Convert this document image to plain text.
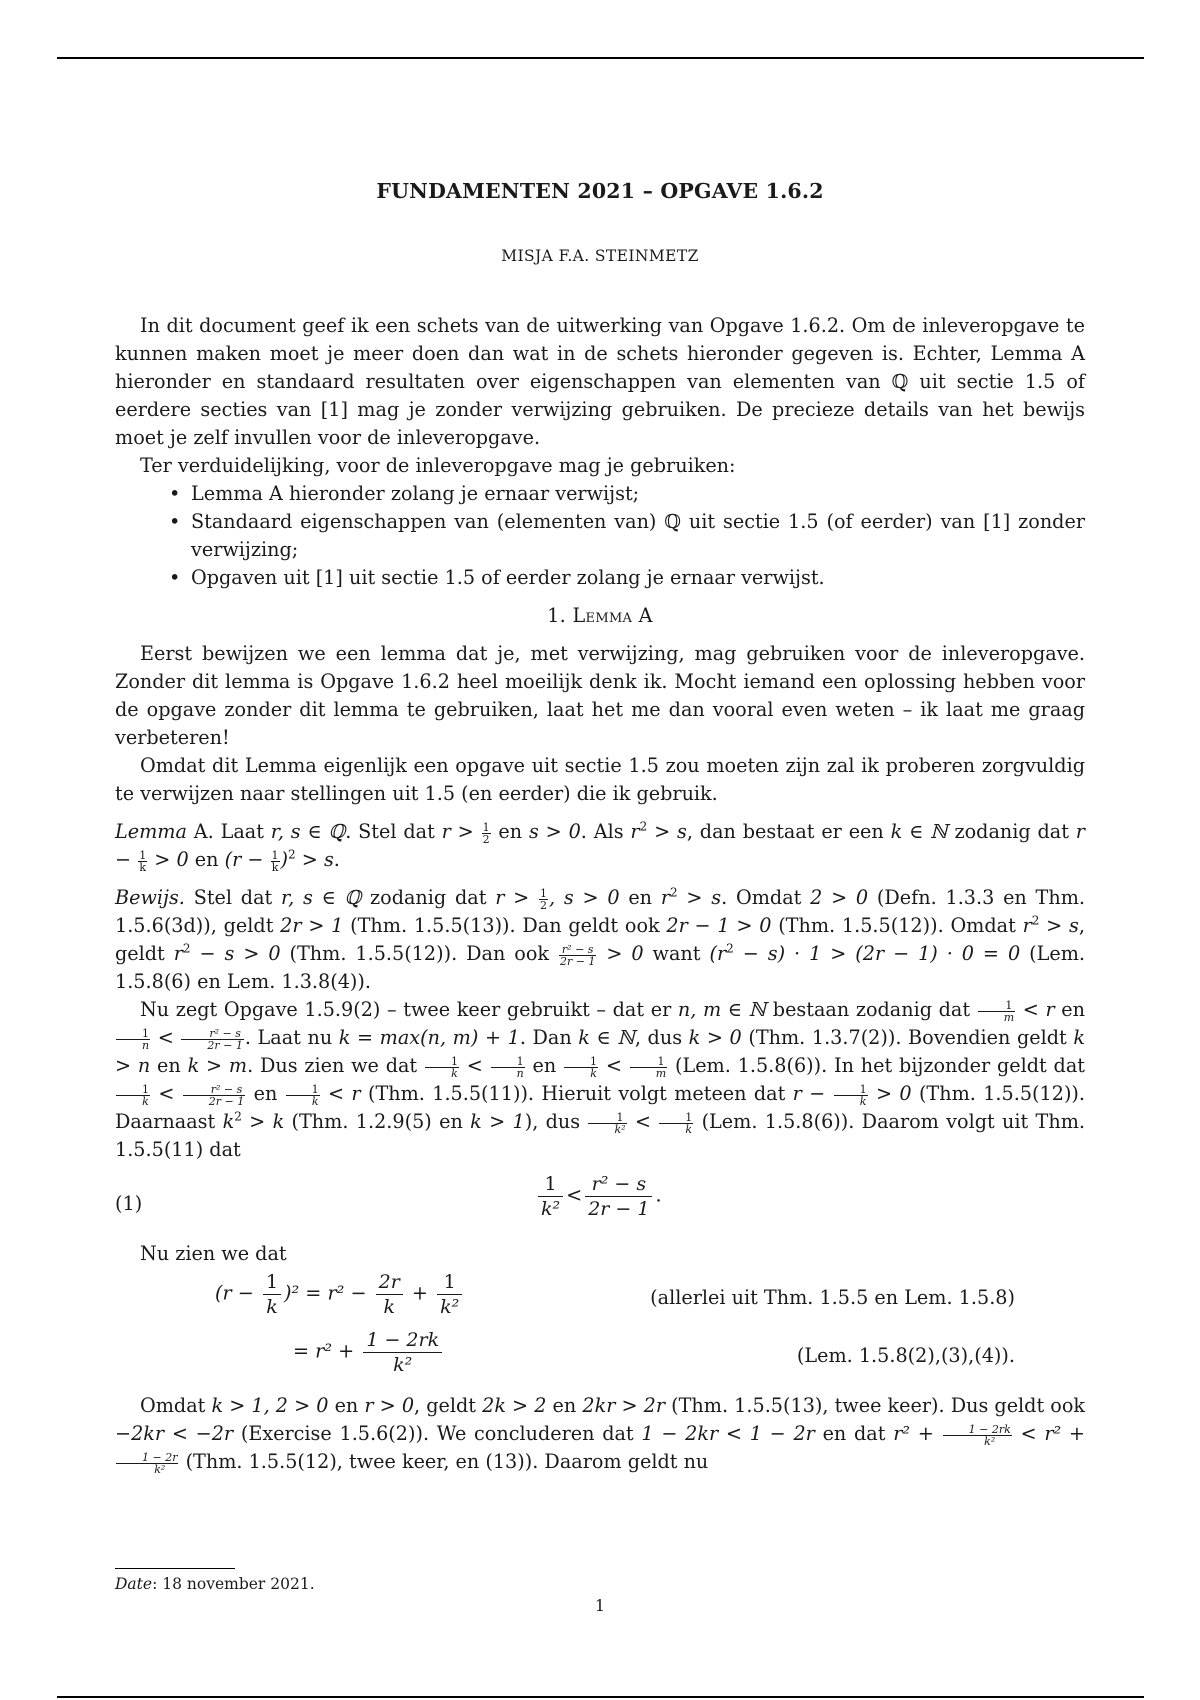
FUNDAMENTEN 2021 – OPGAVE 1.6.2
MISJA F.A. STEINMETZ

In dit document geef ik een schets van de uitwerking van Opgave 1.6.2. Om de inleveropgave te kunnen maken moet je meer doen dan wat in de schets hieronder gegeven is. Echter, Lemma A hieronder en standaard resultaten over eigenschappen van elementen van ℚ uit sectie 1.5 of eerdere secties van [1] mag je zonder verwijzing gebruiken. De precieze details van het bewijs moet je zelf invullen voor de inleveropgave.

Ter verduidelijking, voor de inleveropgave mag je gebruiken:

• Lemma A hieronder zolang je ernaar verwijst;
• Standaard eigenschappen van (elementen van) ℚ uit sectie 1.5 (of eerder) van [1] zonder verwijzing;
• Opgaven uit [1] uit sectie 1.5 of eerder zolang je ernaar verwijst.
1. Lemma A

Eerst bewijzen we een lemma dat je, met verwijzing, mag gebruiken voor de inleveropgave. Zonder dit lemma is Opgave 1.6.2 heel moeilijk denk ik. Mocht iemand een oplossing hebben voor de opgave zonder dit lemma te gebruiken, laat het me dan vooral even weten – ik laat me graag verbeteren!

Omdat dit Lemma eigenlijk een opgave uit sectie 1.5 zou moeten zijn zal ik proberen zorgvuldig te verwijzen naar stellingen uit 1.5 (en eerder) die ik gebruik.

Lemma A. Laat r, s ∈ ℚ. Stel dat $r > \frac{1}{2}$ en s > 0. Als $r^2 > s$, dan bestaat er een k ∈ ℕ zodanig dat $r - \frac{1}{k} > 0$ en $(r - \frac{1}{k} )^2 > s$.

Bewijs. Stel dat r, s ∈ ℚ zodanig dat $r > \frac{1}{2}$ , s > 0 en $r^2 > s$. Omdat 2 > 0 (Defn. 1.3.3 en Thm. 1.5.6(3d)), geldt 2r > 1 (Thm. 1.5.5(13)). Dan geldt ook 2r − 1 > 0 (Thm. 1.5.5(12)). Omdat $r^2 > s$, geldt $r^2 - s > 0$ (Thm. 1.5.5(12)). Dan ook $\frac{\text{r² − s}}{2r - 1} > 0$ want $(r^2 - s) \cdot 1 > (2r - 1) \cdot 0 = 0$ (Lem. 1.5.8(6) en Lem. 1.3.8(4)).

Nu zegt Opgave 1.5.9(2) – twee keer gebruikt – dat er n, m ∈ ℕ bestaan zodanig dat $\frac{1}{m} < r$ en
$\frac{1}{n} < \frac{\text{r² − s}}{2r - 1}$ . Laat nu k = max(n, m) + 1. Dan k ∈ ℕ, dus k > 0 (Thm. 1.3.7(2)). Bovendien geldt k > n en k > m. Dus zien we dat $\frac{1}{k} < \frac{1}{n}$ en $\frac{1}{k} < \frac{1}{m} (Lem$. 1.5.8(6)). In het bijzonder geldt dat
$\frac{1}{k} < \frac{\text{r² − s}}{2r - 1}$ en $\frac{1}{k} < r$ (Thm. 1.5.5(11)). Hieruit volgt meteen dat $r - \frac{1}{k} > 0$ (Thm. 1.5.5(12)). Daarnaast $k^2 > k$ (Thm. 1.2.9(5) en k > 1), dus $\frac{1}{\text{k²}} < \frac{1}{k} (Lem$. 1.5.8(6)). Daarom volgt uit Thm. 1.5.5(11) dat

(1)	$\frac{1}{\text{k²}} < \frac{\text{r² − s}}{2r - 1}$ .

Nu zien we dat

$(r - \frac{1}{k} )^2 = r^2 - \frac{2r}{k} + \frac{1}{\text{k²}}$	(allerlei uit Thm. 1.5.5 en Lem. 1.5.8)
= $r^2 + \frac{1 - 2rk}{\text{k²}}$	(Lem. 1.5.8(2),(3),(4)).

Omdat k > 1, 2 > 0 en r > 0, geldt 2k > 2 en 2kr > 2r (Thm. 1.5.5(13), twee keer). Dus geldt ook −2kr < −2r (Exercise 1.5.6(2)). We concluderen dat 1 − 2kr < 1 − 2r en dat $r^2 + \frac{1 - 2rk}{\text{k²}} < r^2$ +
$\frac{1 - 2r}{\text{k²}} (Thm$. 1.5.5(12), twee keer, en (13)). Daarom geldt nu

Date: 18 november 2021.
1
